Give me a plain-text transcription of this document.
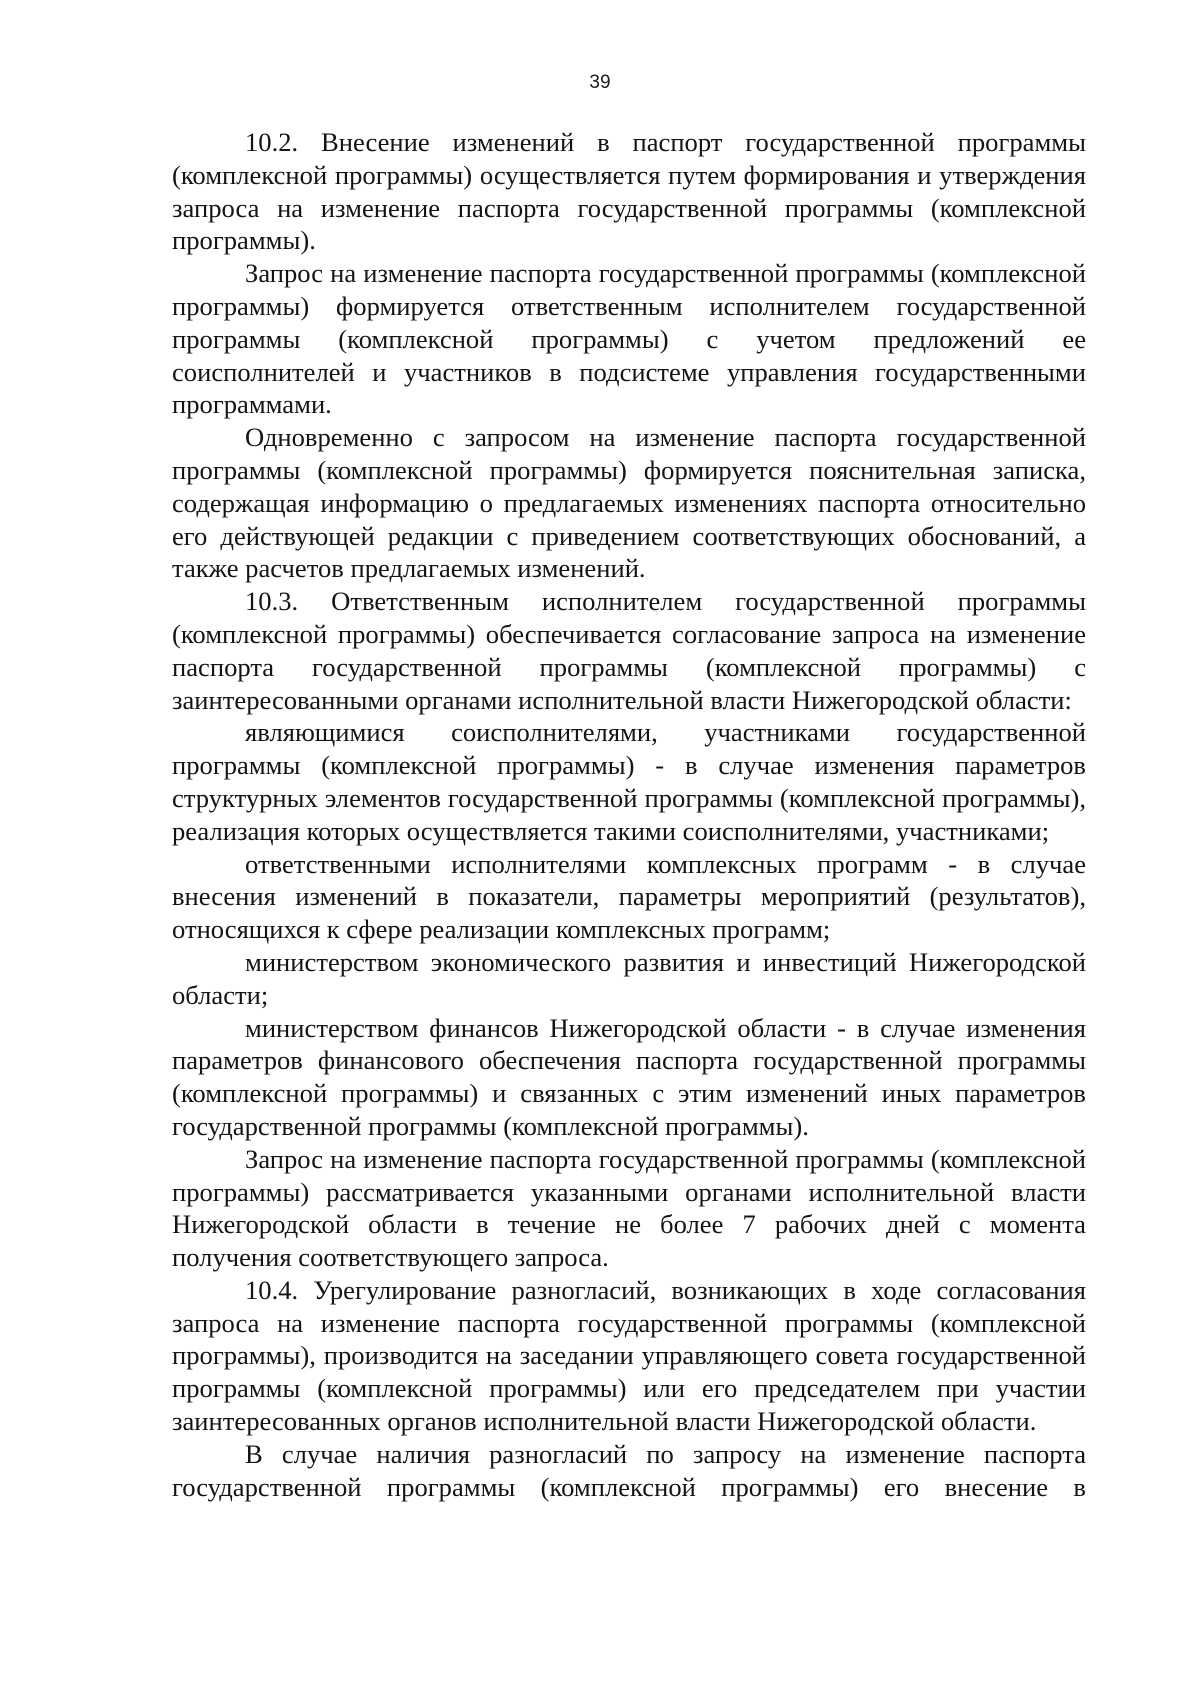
39

10.2. Внесение изменений в паспорт государственной программы (комплексной программы) осуществляется путем формирования и утверждения запроса на изменение паспорта государственной программы (комплексной программы).

Запрос на изменение паспорта государственной программы (комплексной программы) формируется ответственным исполнителем государственной программы (комплексной программы) с учетом предложений ее соисполнителей и участников в подсистеме управления государственными программами.

Одновременно с запросом на изменение паспорта государственной программы (комплексной программы) формируется пояснительная записка, содержащая информацию о предлагаемых изменениях паспорта относительно его действующей редакции с приведением соответствующих обоснований, а также расчетов предлагаемых изменений.

10.3. Ответственным исполнителем государственной программы (комплексной программы) обеспечивается согласование запроса на изменение паспорта государственной программы (комплексной программы) с заинтересованными органами исполнительной власти Нижегородской области:

являющимися соисполнителями, участниками государственной программы (комплексной программы) - в случае изменения параметров структурных элементов государственной программы (комплексной программы), реализация которых осуществляется такими соисполнителями, участниками;

ответственными исполнителями комплексных программ - в случае внесения изменений в показатели, параметры мероприятий (результатов), относящихся к сфере реализации комплексных программ;

министерством экономического развития и инвестиций Нижегородской области;

министерством финансов Нижегородской области - в случае изменения параметров финансового обеспечения паспорта государственной программы (комплексной программы) и связанных с этим изменений иных параметров государственной программы (комплексной программы).

Запрос на изменение паспорта государственной программы (комплексной программы) рассматривается указанными органами исполнительной власти Нижегородской области в течение не более 7 рабочих дней с момента получения соответствующего запроса.

10.4. Урегулирование разногласий, возникающих в ходе согласования запроса на изменение паспорта государственной программы (комплексной программы), производится на заседании управляющего совета государственной программы (комплексной программы) или его председателем при участии заинтересованных органов исполнительной власти Нижегородской области.

В случае наличия разногласий по запросу на изменение паспорта государственной программы (комплексной программы) его внесение в
